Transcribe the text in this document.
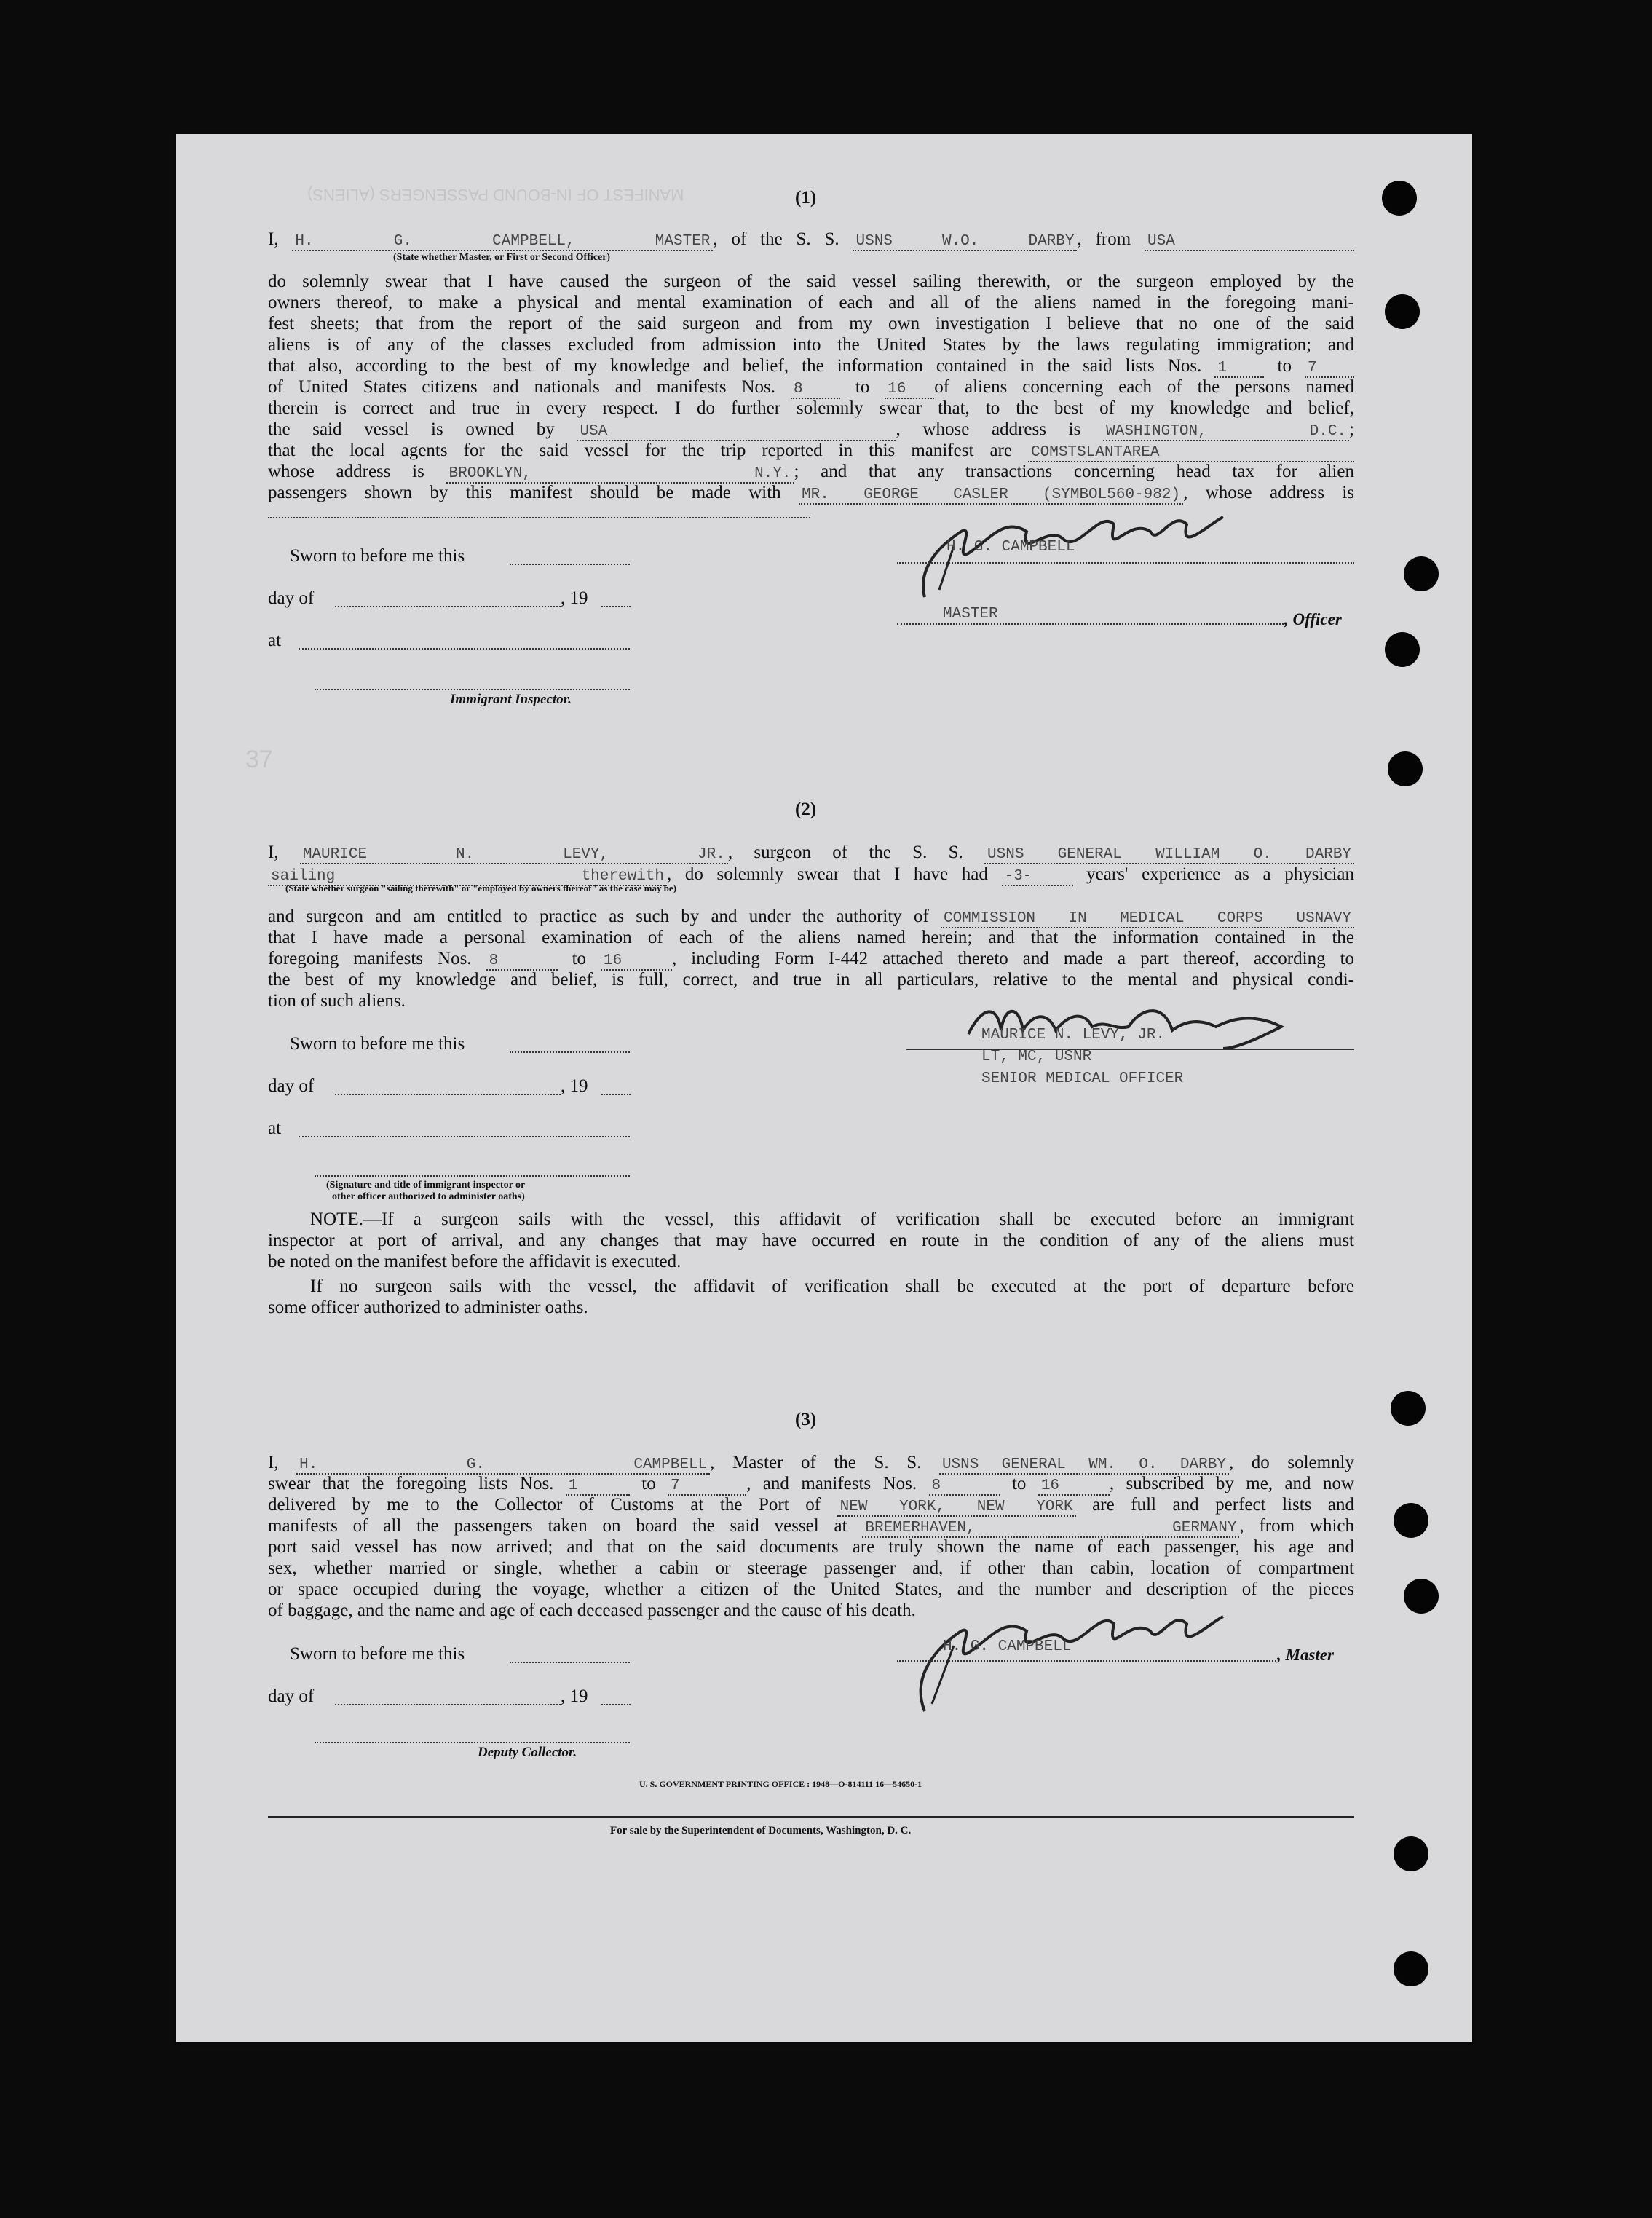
MANIFEST OF IN-BOUND PASSENGERS (ALIENS)
37
(1)
I, H. G. CAMPBELL, MASTER , of the S. S. USNS W.O. DARBY , from USA
(State whether Master, or First or Second Officer)
do solemnly swear that I have caused the surgeon of the said vessel sailing therewith, or the surgeon employed by the
owners thereof, to make a physical and mental examination of each and all of the aliens named in the foregoing mani-
fest sheets; that from the report of the said surgeon and from my own investigation I believe that no one of the said
aliens is of any of the classes excluded from admission into the United States by the laws regulating immigration; and
that also, according to the best of my knowledge and belief, the information contained in the said lists Nos. 1	to 7
of United States citizens and nationals and manifests Nos. 8	to 16 of aliens concerning each of the persons named
therein is correct and true in every respect. I do further solemnly swear that, to the best of my knowledge and belief,
the said vessel is owned by USA	, whose address is WASHINGTON, D.C. ;
that the local agents for the said vessel for the trip reported in this manifest are COMSTSLANTAREA
whose address is BROOKLYN, N.Y. ; and that any transactions concerning head tax for alien
passengers shown by this manifest should be made with MR. GEORGE CASLER (SYMBOL560-982) , whose address is
Sworn to before me this
day of	, 19
at
Immigrant Inspector.
H. G. CAMPBELL
MASTER	, Officer
(2)
I, MAURICE N. LEVY, JR. , surgeon of the S. S. USNS GENERAL WILLIAM O. DARBY
sailing therewith , do solemnly swear that I have had -3-	years' experience as a physician
(State whether surgeon "sailing therewith" or "employed by owners thereof" as the case may be)
and surgeon and am entitled to practice as such by and under the authority of COMMISSION IN MEDICAL CORPS USNAVY
that I have made a personal examination of each of the aliens named herein; and that the information contained in the
foregoing manifests Nos. 8	to 16	, including Form I-442 attached thereto and made a part thereof, according to
the best of my knowledge and belief, is full, correct, and true in all particulars, relative to the mental and physical condi-
tion of such aliens.
Sworn to before me this
day of	, 19
at
(Signature and title of immigrant inspector or
other officer authorized to administer oaths)
MAURICE N. LEVY, JR.
LT, MC, USNR
SENIOR MEDICAL OFFICER
NOTE.—If a surgeon sails with the vessel, this affidavit of verification shall be executed before an immigrant
inspector at port of arrival, and any changes that may have occurred en route in the condition of any of the aliens must
be noted on the manifest before the affidavit is executed.
If no surgeon sails with the vessel, the affidavit of verification shall be executed at the port of departure before
some officer authorized to administer oaths.
(3)
I, H. G. CAMPBELL , Master of the S. S. USNS GENERAL WM. O. DARBY , do solemnly
swear that the foregoing lists Nos. 1	to 7	, and manifests Nos. 8	to 16	, subscribed by me, and now
delivered by me to the Collector of Customs at the Port of NEW YORK, NEW YORK are full and perfect lists and
manifests of all the passengers taken on board the said vessel at BREMERHAVEN, GERMANY , from which
port said vessel has now arrived; and that on the said documents are truly shown the name of each passenger, his age and
sex, whether married or single, whether a cabin or steerage passenger and, if other than cabin, location of compartment
or space occupied during the voyage, whether a citizen of the United States, and the number and description of the pieces
of baggage, and the name and age of each deceased passenger and the cause of his death.
Sworn to before me this
day of	, 19
Deputy Collector.
H. G. CAMPBELL	, Master
U. S. GOVERNMENT PRINTING OFFICE : 1948—O-814111 16—54650-1
For sale by the Superintendent of Documents, Washington, D. C.
